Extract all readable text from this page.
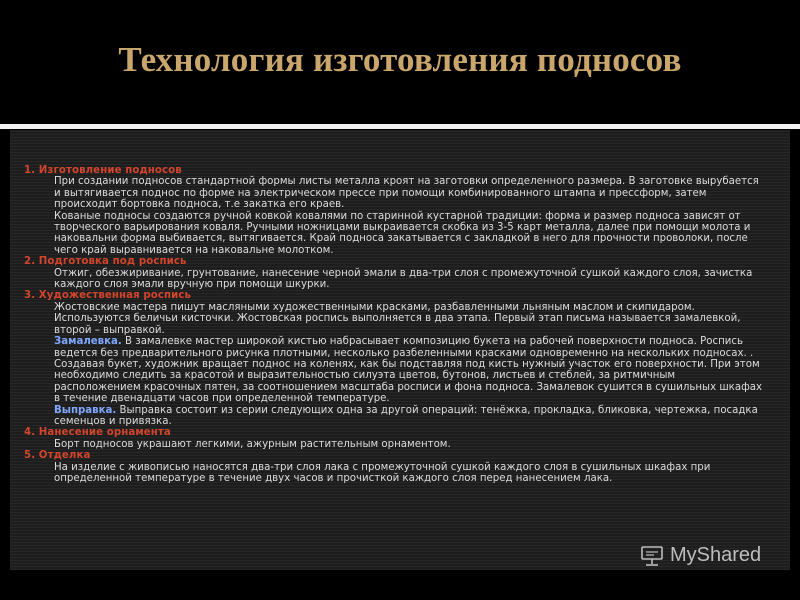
Технология изготовления подносов
1. Изготовление подносов

При создании подносов стандартной формы листы металла кроят на заготовки определенного размера. В заготовке вырубается и вытягивается поднос по форме на электрическом прессе при помощи комбинированного штампа и прессформ, затем происходит бортовка подноса, т.е закатка его краев.

Кованые подносы создаются ручной ковкой ковалями по старинной кустарной традиции: форма и размер подноса зависят от творческого варьирования коваля. Ручными ножницами выкраивается скобка из 3-5 карт металла, далее при помощи молота и наковальни форма выбивается, вытягивается. Край подноса закатывается с закладкой в него для прочности проволоки, после чего край выравнивается на наковальне молотком.

2. Подготовка под роспись

Отжиг, обезжиривание, грунтование, нанесение черной эмали в два-три слоя с промежуточной сушкой каждого слоя, зачистка каждого слоя эмали вручную при помощи шкурки.

3. Художественная роспись

Жостовские мастера пишут масляными художественными красками, разбавленными льняным маслом и скипидаром. Используются беличьи кисточки. Жостовская роспись выполняется в два этапа. Первый этап письма называется замалевкой, второй – выправкой.

Замалевка. В замалевке мастер широкой кистью набрасывает композицию букета на рабочей поверхности подноса. Роспись ведется без предварительного рисунка плотными, несколько разбеленными красками одновременно на нескольких подносах. . Создавая букет, художник вращает поднос на коленях, как бы подставляя под кисть нужный участок его поверхности. При этом необходимо следить за красотой и выразительностью силуэта цветов, бутонов, листьев и стеблей, за ритмичным расположением красочных пятен, за соотношением масштаба росписи и фона подноса. Замалевок сушится в сушильных шкафах в течение двенадцати часов при определенной температуре.

Выправка. Выправка состоит из серии следующих одна за другой операций: тенёжка, прокладка, бликовка, чертежка, посадка семенцов и привязка.

4. Нанесение орнамента

Борт подносов украшают легкими, ажурным растительным орнаментом.

5. Отделка

На изделие с живописью наносятся два-три слоя лака с промежуточной сушкой каждого слоя в сушильных шкафах при определенной температуре в течение двух часов и прочисткой каждого слоя перед нанесением лака.

MyShared
